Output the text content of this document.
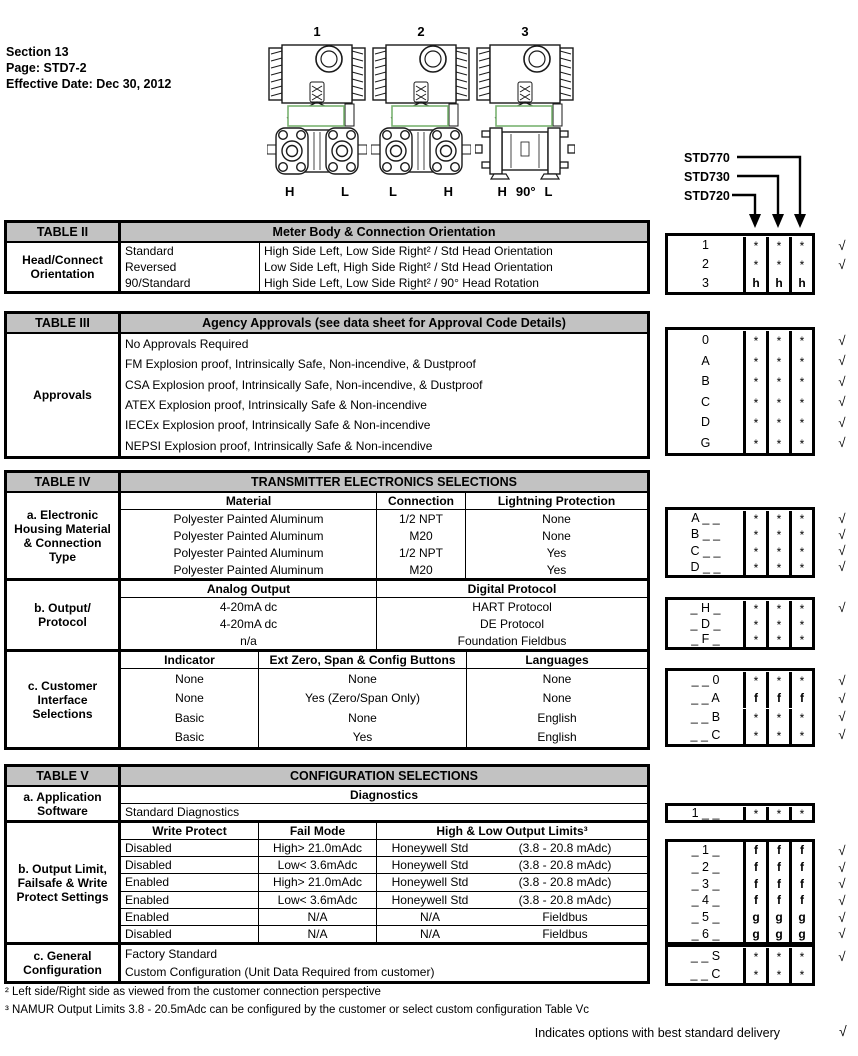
Section 13
Page: STD7-2
Effective Date: Dec 30, 2012
1
H	L
2
L	H
3
H 90° L
STD770
STD730
STD720
TABLE II	Meter Body & Connection Orientation
Head/Connect Orientation
Standard	High Side Left, Low Side Right² / Std Head Orientation
Reversed	Low Side Left, High Side Right² / Std Head Orientation
90/Standard	High Side Left, Low Side Right² / 90° Head Rotation
TABLE III	Agency Approvals (see data sheet for Approval Code Details)
Approvals
No Approvals Required
FM Explosion proof, Intrinsically Safe, Non-incendive, & Dustproof
CSA Explosion proof, Intrinsically Safe, Non-incendive, & Dustproof
ATEX Explosion proof, Intrinsically Safe & Non-incendive
IECEx Explosion proof, Intrinsically Safe & Non-incendive
NEPSI Explosion proof, Intrinsically Safe & Non-incendive
TABLE IV	TRANSMITTER ELECTRONICS SELECTIONS
a. Electronic Housing Material & Connection Type
Material	Connection	Lightning Protection
Polyester Painted Aluminum	1/2 NPT	None
Polyester Painted Aluminum	M20	None
Polyester Painted Aluminum	1/2 NPT	Yes
Polyester Painted Aluminum	M20	Yes
b. Output/ Protocol
Analog Output	Digital Protocol
4-20mA dc	HART Protocol
4-20mA dc	DE Protocol
n/a	Foundation Fieldbus
c. Customer Interface Selections
Indicator	Ext Zero, Span & Config Buttons	Languages
None	None	None
None	Yes (Zero/Span Only)	None
Basic	None	English
Basic	Yes	English
TABLE V	CONFIGURATION SELECTIONS
a. Application Software
Diagnostics
Standard Diagnostics
b. Output Limit, Failsafe & Write Protect Settings
Write Protect	Fail Mode	High & Low Output Limits³
Disabled	High> 21.0mAdc	Honeywell Std	(3.8 - 20.8 mAdc)
Disabled	Low< 3.6mAdc	Honeywell Std	(3.8 - 20.8 mAdc)
Enabled	High> 21.0mAdc	Honeywell Std	(3.8 - 20.8 mAdc)
Enabled	Low< 3.6mAdc	Honeywell Std	(3.8 - 20.8 mAdc)
Enabled	N/A	N/A	Fieldbus
Disabled	N/A	N/A	Fieldbus
c. General Configuration
Factory Standard
Custom Configuration (Unit Data Required from customer)
1	*	*	*	√
2	*	*	*	√
3	h	h	h
0	*	*	*	√
A	*	*	*	√
B	*	*	*	√
C	*	*	*	√
D	*	*	*	√
G	*	*	*	√
A _ _	*	*	*	√
B _ _	*	*	*	√
C _ _	*	*	*	√
D _ _	*	*	*	√
_ H _	*	*	*	√
_ D _	*	*	*
_ F _	*	*	*
_ _ 0	*	*	*	√
_ _ A	f	f	f	√
_ _ B	*	*	*	√
_ _ C	*	*	*	√
1 _ _	*	*	*
_ 1 _	f	f	f	√
_ 2 _	f	f	f	√
_ 3 _	f	f	f	√
_ 4 _	f	f	f	√
_ 5 _	g	g	g	√
_ 6 _	g	g	g	√
_ _ S	*	*	*	√
_ _ C	*	*	*
² Left side/Right side as viewed from the customer connection perspective
³ NAMUR Output Limits 3.8 - 20.5mAdc can be configured by the customer or select custom configuration Table Vc
Indicates options with best standard delivery	√
